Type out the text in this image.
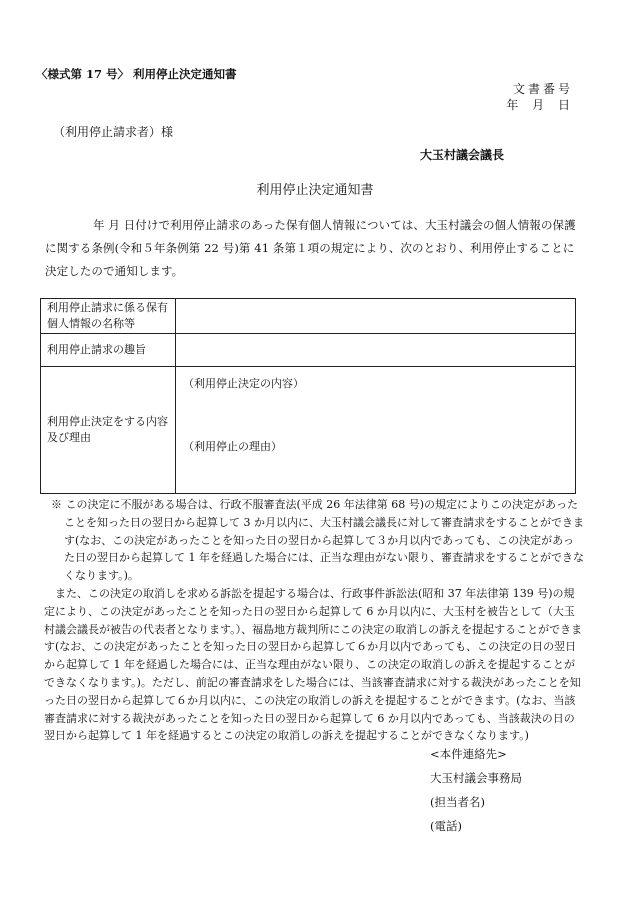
〈様式第 17 号〉 利用停止決定通知書
文書番号
年 月 日
（利用停止請求者）様
大玉村議会議長
利用停止決定通知書

年 月 日付けで利用停止請求のあった保有個人情報については、大玉村議会の個人情報の保護に関する条例(令和５年条例第 22 号)第 41 条第１項の規定により、次のとおり、利用停止することに決定したので通知します。

利用停止請求に係る保有個人情報の名称等	
利用停止請求の趣旨	
利用停止決定をする内容及び理由	（利用停止決定の内容）
（利用停止の理由）

※ この決定に不服がある場合は、行政不服審査法(平成 26 年法律第 68 号)の規定によりこの決定があったことを知った日の翌日から起算して 3 か月以内に、大玉村議会議長に対して審査請求をすることができます(なお、この決定があったことを知った日の翌日から起算して３か月以内であっても、この決定があった日の翌日から起算して 1 年を経過した場合には、正当な理由がない限り、審査請求をすることができなくなります。)。

また、この決定の取消しを求める訴訟を提起する場合は、行政事件訴訟法(昭和 37 年法律第 139 号)の規定により、この決定があったことを知った日の翌日から起算して 6 か月以内に、大玉村を被告として（大玉村議会議長が被告の代表者となります。）、福島地方裁判所にこの決定の取消しの訴えを提起することができます(なお、この決定があったことを知った日の翌日から起算して６か月以内であっても、この決定の日の翌日から起算して 1 年を経過した場合には、正当な理由がない限り、この決定の取消しの訴えを提起することができなくなります。)。ただし、前記の審査請求をした場合には、当該審査請求に対する裁決があったことを知った日の翌日から起算して６か月以内に、この決定の取消しの訴えを提起することができます。(なお、当該審査請求に対する裁決があったことを知った日の翌日から起算して 6 か月以内であっても、当該裁決の日の翌日から起算して 1 年を経過するとこの決定の取消しの訴えを提起することができなくなります。)

<本件連絡先>
大玉村議会事務局
(担当者名)
(電話)
